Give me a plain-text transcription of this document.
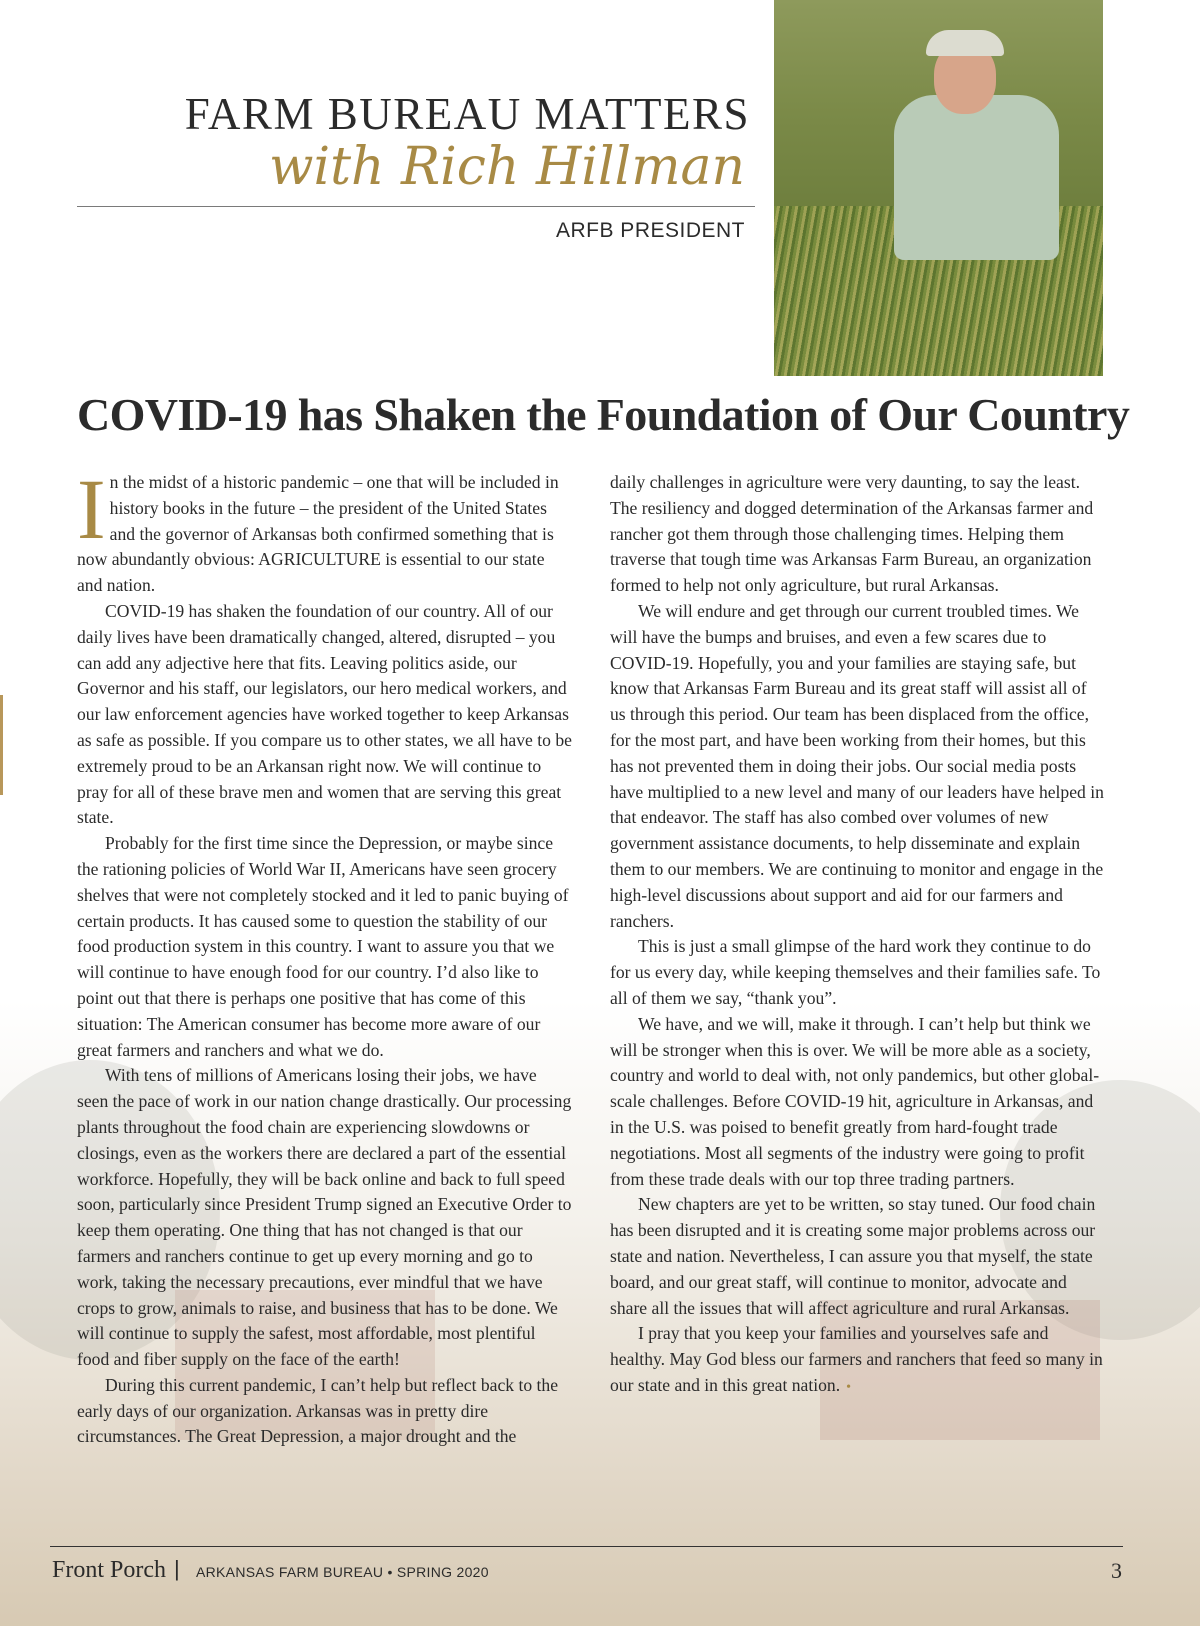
FARM BUREAU MATTERS
with Rich Hillman
ARFB PRESIDENT
COVID-19 has Shaken the Foundation of Our Country

In the midst of a historic pandemic – one that will be included in history books in the future – the president of the United States and the governor of Arkansas both confirmed something that is now abundantly obvious: AGRICULTURE is essential to our state and nation.

COVID-19 has shaken the foundation of our country. All of our daily lives have been dramatically changed, altered, disrupted – you can add any adjective here that fits. Leaving politics aside, our Governor and his staff, our legislators, our hero medical workers, and our law enforcement agencies have worked together to keep Arkansas as safe as possible. If you compare us to other states, we all have to be extremely proud to be an Arkansan right now. We will continue to pray for all of these brave men and women that are serving this great state.

Probably for the first time since the Depression, or maybe since the rationing policies of World War II, Americans have seen grocery shelves that were not completely stocked and it led to panic buying of certain products. It has caused some to question the stability of our food production system in this country. I want to assure you that we will continue to have enough food for our country. I’d also like to point out that there is perhaps one positive that has come of this situation: The American consumer has become more aware of our great farmers and ranchers and what we do.

With tens of millions of Americans losing their jobs, we have seen the pace of work in our nation change drastically. Our processing plants throughout the food chain are experiencing slowdowns or closings, even as the workers there are declared a part of the essential workforce. Hopefully, they will be back online and back to full speed soon, particularly since President Trump signed an Executive Order to keep them operating. One thing that has not changed is that our farmers and ranchers continue to get up every morning and go to work, taking the necessary precautions, ever mindful that we have crops to grow, animals to raise, and business that has to be done. We will continue to supply the safest, most affordable, most plentiful food and fiber supply on the face of the earth!

During this current pandemic, I can’t help but reflect back to the early days of our organization. Arkansas was in pretty dire circumstances. The Great Depression, a major drought and the

daily challenges in agriculture were very daunting, to say the least. The resiliency and dogged determination of the Arkansas farmer and rancher got them through those challenging times. Helping them traverse that tough time was Arkansas Farm Bureau, an organization formed to help not only agriculture, but rural Arkansas.

We will endure and get through our current troubled times. We will have the bumps and bruises, and even a few scares due to COVID-19. Hopefully, you and your families are staying safe, but know that Arkansas Farm Bureau and its great staff will assist all of us through this period. Our team has been displaced from the office, for the most part, and have been working from their homes, but this has not prevented them in doing their jobs. Our social media posts have multiplied to a new level and many of our leaders have helped in that endeavor. The staff has also combed over volumes of new government assistance documents, to help disseminate and explain them to our members. We are continuing to monitor and engage in the high-level discussions about support and aid for our farmers and ranchers.

This is just a small glimpse of the hard work they continue to do for us every day, while keeping themselves and their families safe. To all of them we say, “thank you”.

We have, and we will, make it through. I can’t help but think we will be stronger when this is over. We will be more able as a society, country and world to deal with, not only pandemics, but other global-scale challenges. Before COVID-19 hit, agriculture in Arkansas, and in the U.S. was poised to benefit greatly from hard-fought trade negotiations. Most all segments of the industry were going to profit from these trade deals with our top three trading partners.

New chapters are yet to be written, so stay tuned. Our food chain has been disrupted and it is creating some major problems across our state and nation. Nevertheless, I can assure you that myself, the state board, and our great staff, will continue to monitor, advocate and share all the issues that will affect agriculture and rural Arkansas.

I pray that you keep your families and yourselves safe and healthy. May God bless our farmers and ranchers that feed so many in our state and in this great nation. •

Front Porch | ARKANSAS FARM BUREAU • SPRING 2020	3
